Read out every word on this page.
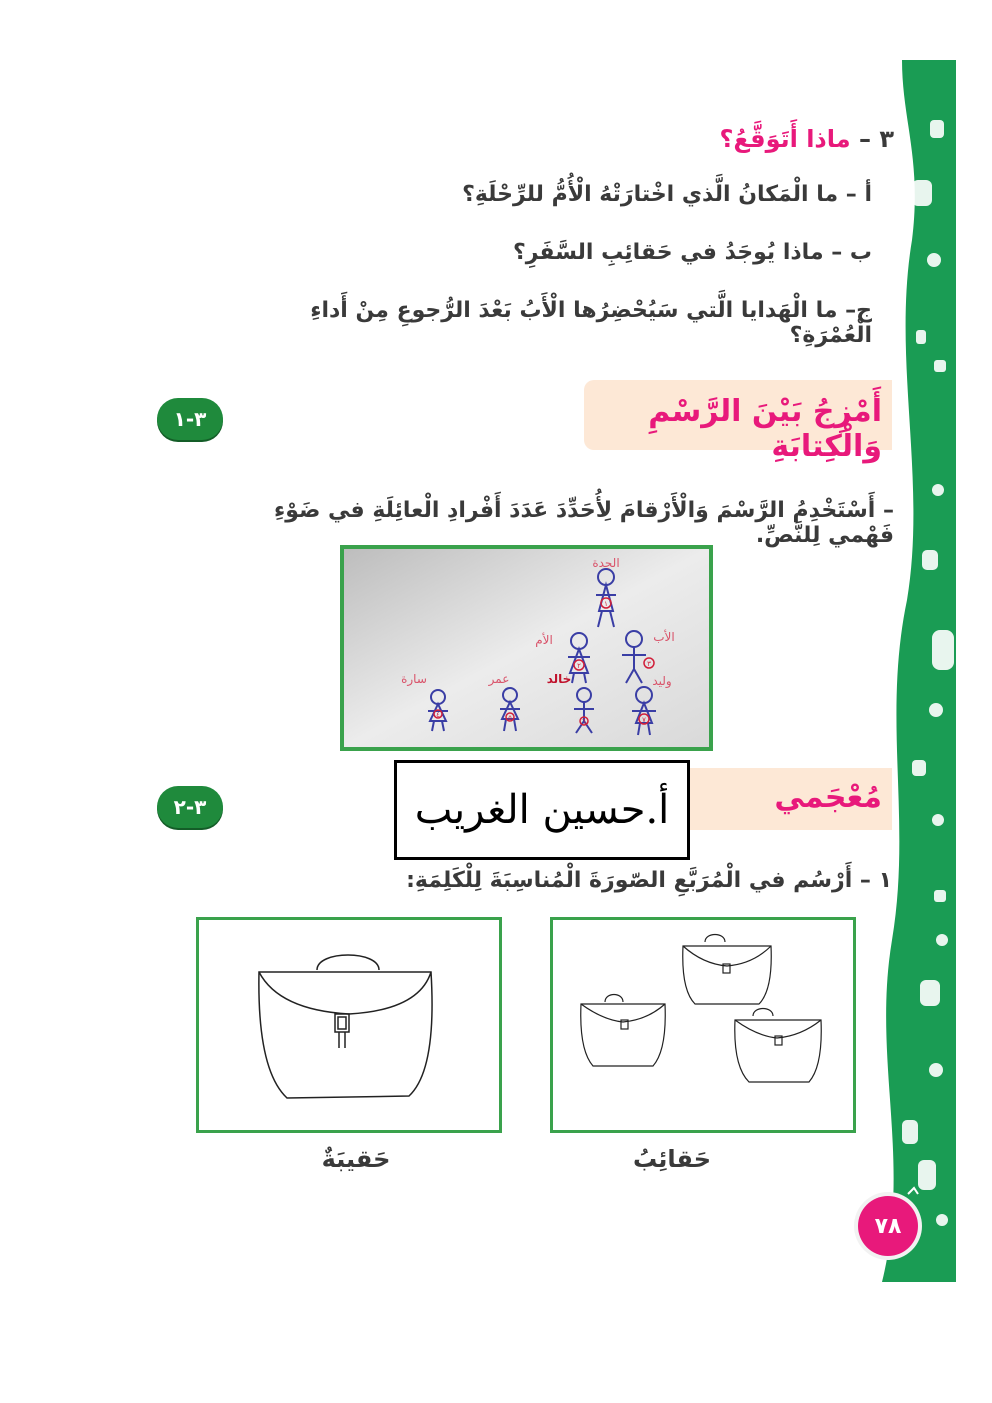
٣ – ماذا أَتَوَقَّعُ؟
أ – ما الْمَكانُ الَّذي اخْتارَتْهُ الْأُمُّ للرِّحْلَةِ؟
ب – ماذا يُوجَدُ في حَقائِبِ السَّفَرِ؟
ج– ما الْهَدايا الَّتي سَيُحْضِرُها الْأَبُ بَعْدَ الرُّجوعِ مِنْ أَداءِ الْعُمْرَةِ؟
أَمْزِجُ بَيْنَ الرَّسْمِ وَالْكِتابَةِ
٣-١
– أَسْتَخْدِمُ الرَّسْمَ وَالْأَرْقامَ لِأُحَدِّدَ عَدَدَ أَفْرادِ الْعائِلَةِ في ضَوْءِ فَهْمي لِلنَّصِّ.
الجدة
الأم	الأب
سارة	عمر	خالد	وليد
١
٢	٣
٤	٥	٦	٧
مُعْجَمي
٣-٢	أ.حسين الغريب
١ – أَرْسُم في الْمُرَبَّعِ الصّورَةَ الْمُناسِبَةَ لِلْكَلِمَةِ:
حَقيبَةٌ	حَقائِبُ
٧٨
